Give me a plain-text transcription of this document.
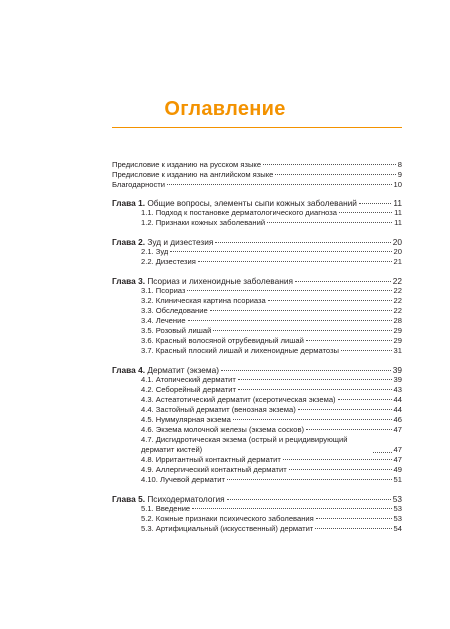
Оглавление
Предисловие к изданию на русском языке	8
Предисловие к изданию на английском языке	9
Благодарности	10
Глава 1. Общие вопросы, элементы сыпи кожных заболеваний	11
1.1. Подход к постановке дерматологического диагноза	11
1.2. Признаки кожных заболеваний	11
Глава 2. Зуд и дизестезия	20
2.1. Зуд	20
2.2. Дизестезия	21
Глава 3. Псориаз и лихеноидные заболевания	22
3.1. Псориаз	22
3.2. Клиническая картина псориаза	22
3.3. Обследование	22
3.4. Лечение	28
3.5. Розовый лишай	29
3.6. Красный волосяной отрубевидный лишай	29
3.7. Красный плоский лишай и лихеноидные дерматозы	31
Глава 4. Дерматит (экзема)	39
4.1. Атопический дерматит	39
4.2. Себорейный дерматит	43
4.3. Астеатотический дерматит (ксеротическая экзема)	44
4.4. Застойный дерматит (венозная экзема)	44
4.5. Нуммулярная экзема	46
4.6. Экзема молочной железы (экзема сосков)	47
4.7. Дисгидротическая экзема (острый и рецидивирующий дерматит кистей)	47
4.8. Ирритантный контактный дерматит	47
4.9. Аллергический контактный дерматит	49
4.10. Лучевой дерматит	51
Глава 5. Психодерматология	53
5.1. Введение	53
5.2. Кожные признаки психического заболевания	53
5.3. Артифициальный (искусственный) дерматит	54
